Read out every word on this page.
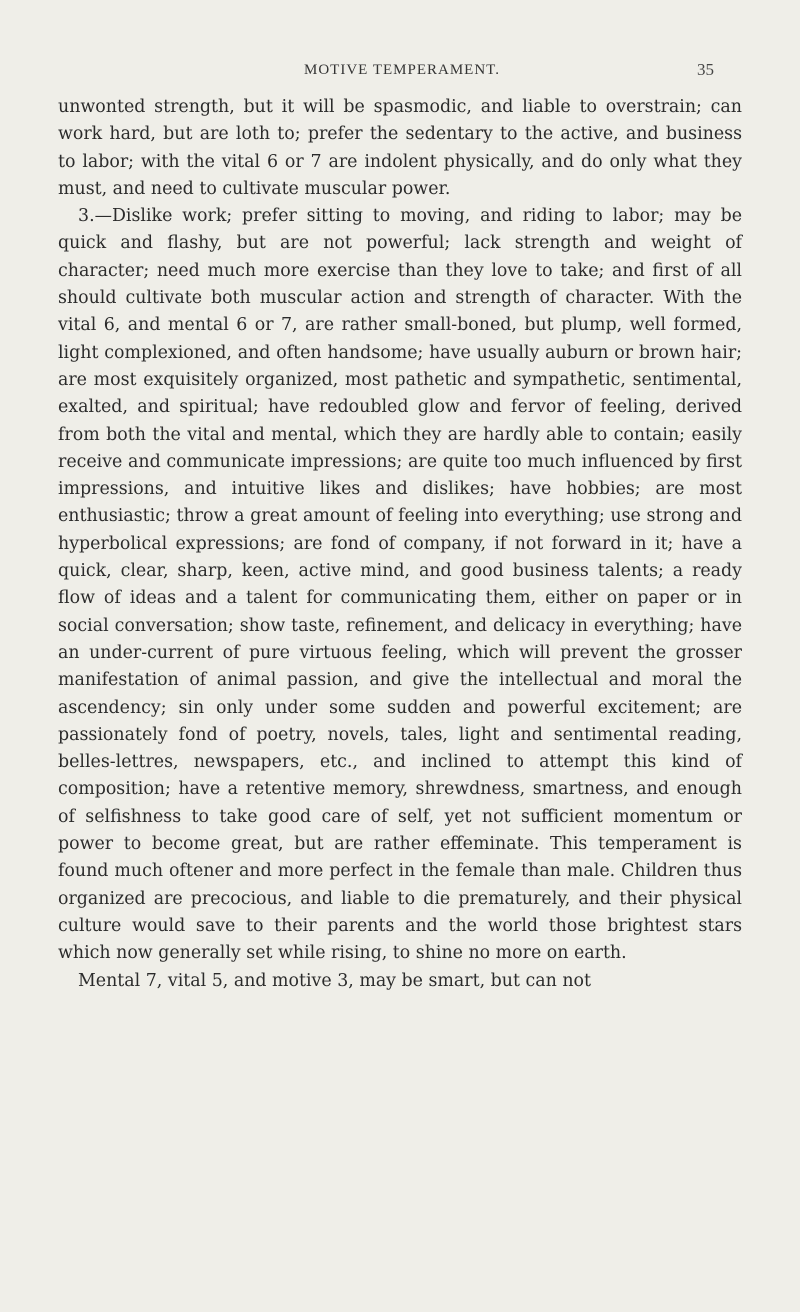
MOTIVE TEMPERAMENT.	35

unwonted strength, but it will be spasmodic, and liable to overstrain; can work hard, but are loth to; prefer the sedentary to the active, and business to labor; with the vital 6 or 7 are indolent physically, and do only what they must, and need to cultivate muscular power.

3.—Dislike work; prefer sitting to moving, and riding to labor; may be quick and flashy, but are not powerful; lack strength and weight of character; need much more exercise than they love to take; and first of all should cultivate both muscular action and strength of character. With the vital 6, and mental 6 or 7, are rather small-boned, but plump, well formed, light complexioned, and often handsome; have usually auburn or brown hair; are most exquisitely organized, most pathetic and sympathetic, sentimental, exalted, and spiritual; have redoubled glow and fervor of feeling, derived from both the vital and mental, which they are hardly able to contain; easily receive and communicate impressions; are quite too much influenced by first impressions, and intuitive likes and dislikes; have hobbies; are most enthusiastic; throw a great amount of feeling into everything; use strong and hyperbolical expressions; are fond of company, if not forward in it; have a quick, clear, sharp, keen, active mind, and good business talents; a ready flow of ideas and a talent for communicating them, either on paper or in social conversation; show taste, refinement, and delicacy in everything; have an under-current of pure virtuous feeling, which will prevent the grosser manifestation of animal passion, and give the intellectual and moral the ascendency; sin only under some sudden and powerful excitement; are passionately fond of poetry, novels, tales, light and sentimental reading, belles-lettres, newspapers, etc., and inclined to attempt this kind of composition; have a retentive memory, shrewdness, smartness, and enough of selfishness to take good care of self, yet not sufficient momentum or power to become great, but are rather effeminate. This temperament is found much oftener and more perfect in the female than male. Children thus organized are precocious, and liable to die prematurely, and their physical culture would save to their parents and the world those brightest stars which now generally set while rising, to shine no more on earth.

Mental 7, vital 5, and motive 3, may be smart, but can not
